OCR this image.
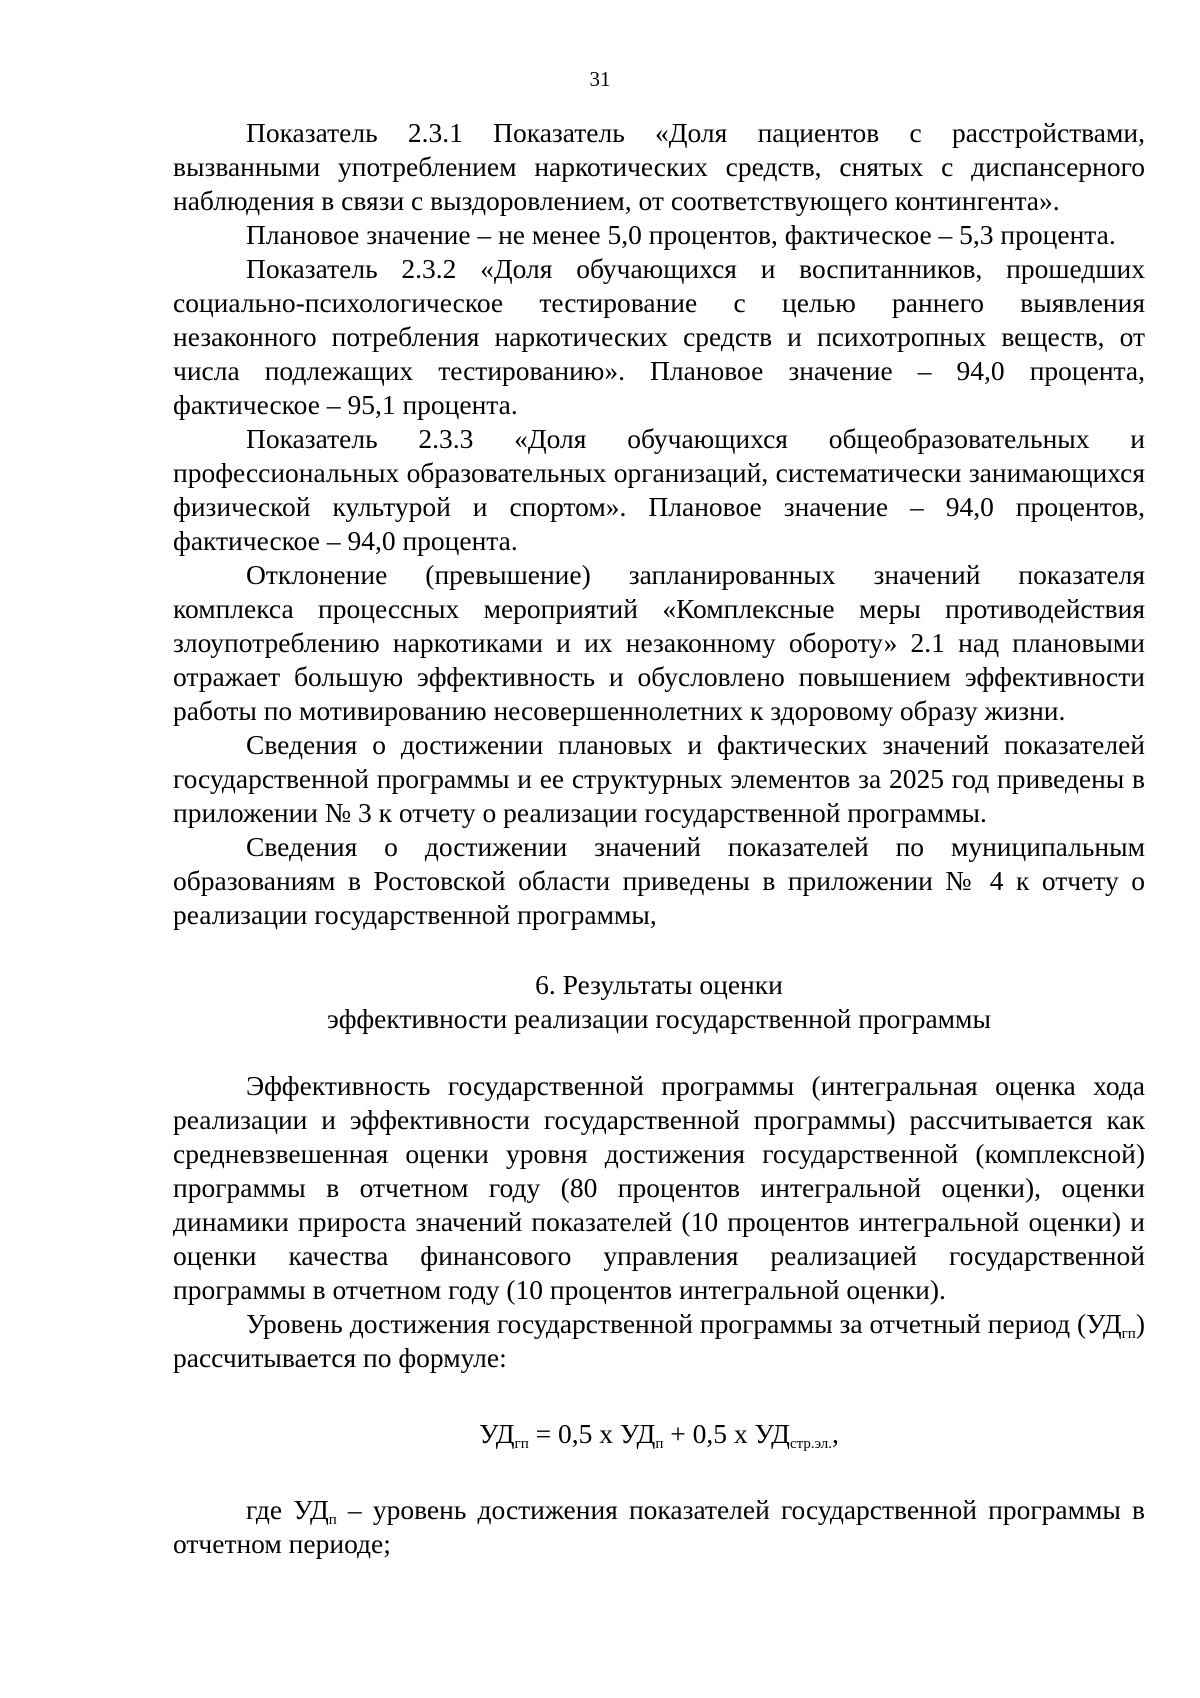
31

Показатель 2.3.1 Показатель «Доля пациентов с расстройствами, вызванными употреблением наркотических средств, снятых с диспансерного наблюдения в связи с выздоровлением, от соответствующего контингента».

Плановое значение – не менее 5,0 процентов, фактическое – 5,3 процента.

Показатель 2.3.2 «Доля обучающихся и воспитанников, прошедших социально-психологическое тестирование с целью раннего выявления незаконного потребления наркотических средств и психотропных веществ, от числа подлежащих тестированию». Плановое значение – 94,0 процента, фактическое – 95,1 процента.

Показатель 2.3.3 «Доля обучающихся общеобразовательных и профессиональных образовательных организаций, систематически занимающихся физической культурой и спортом». Плановое значение – 94,0 процентов, фактическое – 94,0 процента.

Отклонение (превышение) запланированных значений показателя комплекса процессных мероприятий «Комплексные меры противодействия злоупотреблению наркотиками и их незаконному обороту» 2.1 над плановыми отражает большую эффективность и обусловлено повышением эффективности работы по мотивированию несовершеннолетних к здоровому образу жизни.

Сведения о достижении плановых и фактических значений показателей государственной программы и ее структурных элементов за 2025 год приведены в приложении № 3 к отчету о реализации государственной программы.

Сведения о достижении значений показателей по муниципальным образованиям в Ростовской области приведены в приложении № 4 к отчету о реализации государственной программы,

6. Результаты оценки
эффективности реализации государственной программы

Эффективность государственной программы (интегральная оценка хода реализации и эффективности государственной программы) рассчитывается как средневзвешенная оценки уровня достижения государственной (комплексной) программы в отчетном году (80 процентов интегральной оценки), оценки динамики прироста значений показателей (10 процентов интегральной оценки) и оценки качества финансового управления реализацией государственной программы в отчетном году (10 процентов интегральной оценки).

Уровень достижения государственной программы за отчетный период $(УД_{гп})$ рассчитывается по формуле:

$УД_{гп} = 0,5$ х $УД_п + 0,5$ х $УД_{стр.эл.}$,

где $УД_п$ – уровень достижения показателей государственной программы в отчетном периоде;
